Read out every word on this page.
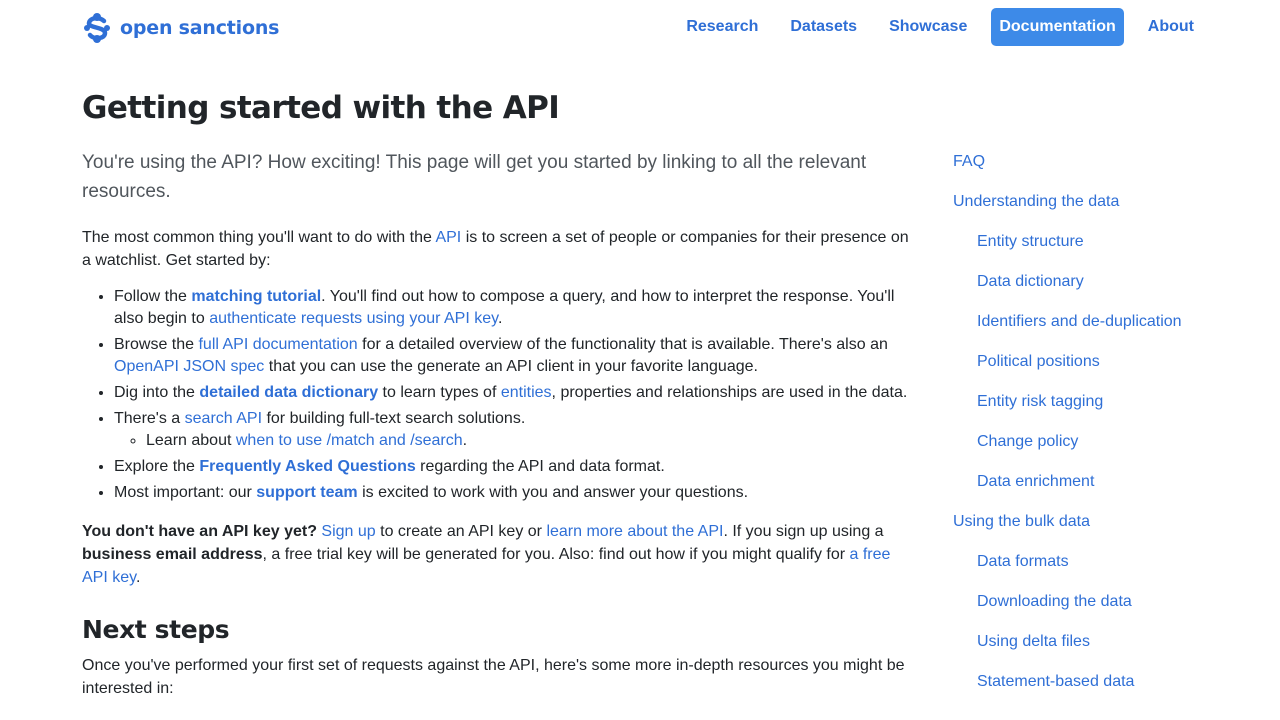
open sanctions	Research	Datasets	Showcase	Documentation	About
Getting started with the API

You're using the API? How exciting! This page will get you started by linking to all the relevant resources.

The most common thing you'll want to do with the API is to screen a set of people or companies for their presence on a watchlist. Get started by:

• Follow the matching tutorial. You'll find out how to compose a query, and how to interpret the response. You'll also begin to authenticate requests using your API key.
• Browse the full API documentation for a detailed overview of the functionality that is available. There's also an OpenAPI JSON spec that you can use the generate an API client in your favorite language.
• Dig into the detailed data dictionary to learn types of entities, properties and relationships are used in the data.
• There's a search API for building full-text search solutions.
◦ Learn about when to use /match and /search.
• Explore the Frequently Asked Questions regarding the API and data format.
• Most important: our support team is excited to work with you and answer your questions.

You don't have an API key yet? Sign up to create an API key or learn more about the API. If you sign up using a business email address, a free trial key will be generated for you. Also: find out how if you might qualify for a free API key.

Next steps

Once you've performed your first set of requests against the API, here's some more in-depth resources you might be interested in:

FAQ
Understanding the data
Entity structure
Data dictionary
Identifiers and de-duplication
Political positions
Entity risk tagging
Change policy
Data enrichment
Using the bulk data
Data formats
Downloading the data
Using delta files
Statement-based data
